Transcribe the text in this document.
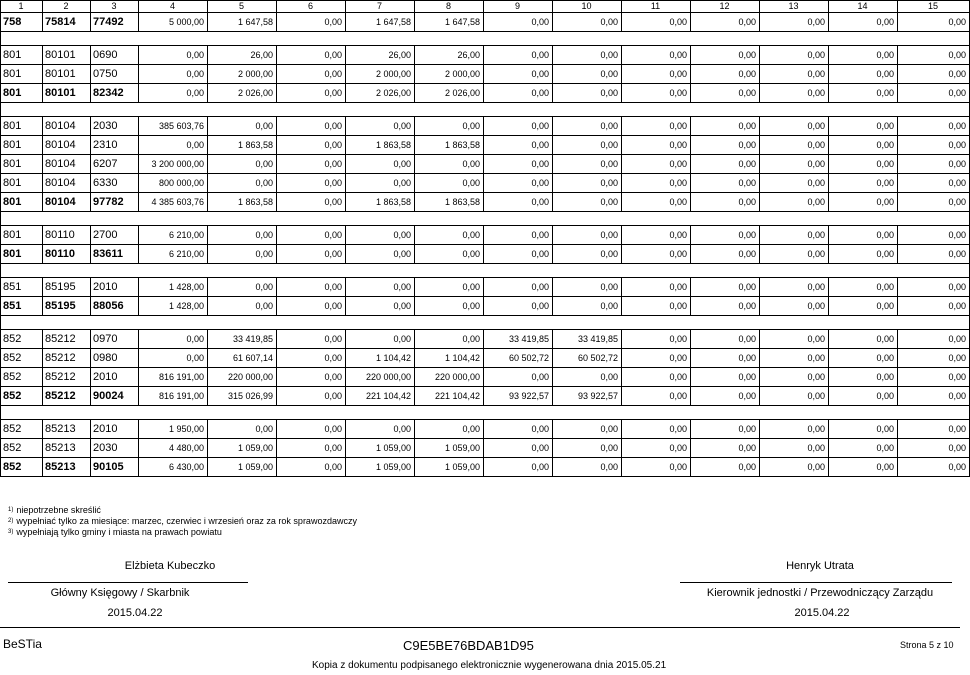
1	2	3	4	5	6	7	8	9	10	11	12	13	14	15
758	75814	77492	5 000,00	1 647,58	0,00	1 647,58	1 647,58	0,00	0,00	0,00	0,00	0,00	0,00	0,00

801	80101	0690	0,00	26,00	0,00	26,00	26,00	0,00	0,00	0,00	0,00	0,00	0,00	0,00
801	80101	0750	0,00	2 000,00	0,00	2 000,00	2 000,00	0,00	0,00	0,00	0,00	0,00	0,00	0,00
801	80101	82342	0,00	2 026,00	0,00	2 026,00	2 026,00	0,00	0,00	0,00	0,00	0,00	0,00	0,00

801	80104	2030	385 603,76	0,00	0,00	0,00	0,00	0,00	0,00	0,00	0,00	0,00	0,00	0,00
801	80104	2310	0,00	1 863,58	0,00	1 863,58	1 863,58	0,00	0,00	0,00	0,00	0,00	0,00	0,00
801	80104	6207	3 200 000,00	0,00	0,00	0,00	0,00	0,00	0,00	0,00	0,00	0,00	0,00	0,00
801	80104	6330	800 000,00	0,00	0,00	0,00	0,00	0,00	0,00	0,00	0,00	0,00	0,00	0,00
801	80104	97782	4 385 603,76	1 863,58	0,00	1 863,58	1 863,58	0,00	0,00	0,00	0,00	0,00	0,00	0,00

801	80110	2700	6 210,00	0,00	0,00	0,00	0,00	0,00	0,00	0,00	0,00	0,00	0,00	0,00
801	80110	83611	6 210,00	0,00	0,00	0,00	0,00	0,00	0,00	0,00	0,00	0,00	0,00	0,00

851	85195	2010	1 428,00	0,00	0,00	0,00	0,00	0,00	0,00	0,00	0,00	0,00	0,00	0,00
851	85195	88056	1 428,00	0,00	0,00	0,00	0,00	0,00	0,00	0,00	0,00	0,00	0,00	0,00

852	85212	0970	0,00	33 419,85	0,00	0,00	0,00	33 419,85	33 419,85	0,00	0,00	0,00	0,00	0,00
852	85212	0980	0,00	61 607,14	0,00	1 104,42	1 104,42	60 502,72	60 502,72	0,00	0,00	0,00	0,00	0,00
852	85212	2010	816 191,00	220 000,00	0,00	220 000,00	220 000,00	0,00	0,00	0,00	0,00	0,00	0,00	0,00
852	85212	90024	816 191,00	315 026,99	0,00	221 104,42	221 104,42	93 922,57	93 922,57	0,00	0,00	0,00	0,00	0,00

852	85213	2010	1 950,00	0,00	0,00	0,00	0,00	0,00	0,00	0,00	0,00	0,00	0,00	0,00
852	85213	2030	4 480,00	1 059,00	0,00	1 059,00	1 059,00	0,00	0,00	0,00	0,00	0,00	0,00	0,00
852	85213	90105	6 430,00	1 059,00	0,00	1 059,00	1 059,00	0,00	0,00	0,00	0,00	0,00	0,00	0,00
$^{1)}$ niepotrzebne skreślić
$^{2)}$ wypełniać tylko za miesiące: marzec, czerwiec i wrzesień oraz za rok sprawozdawczy
$^{3)}$ wypełniają tylko gminy i miasta na prawach powiatu
Elżbieta Kubeczko
Główny Księgowy / Skarbnik
2015.04.22
Henryk Utrata
Kierownik jednostki / Przewodniczący Zarządu
2015.04.22
BeSTia	C9E5BE76BDAB1D95	Strona 5 z 10
Kopia z dokumentu podpisanego elektronicznie wygenerowana dnia 2015.05.21
